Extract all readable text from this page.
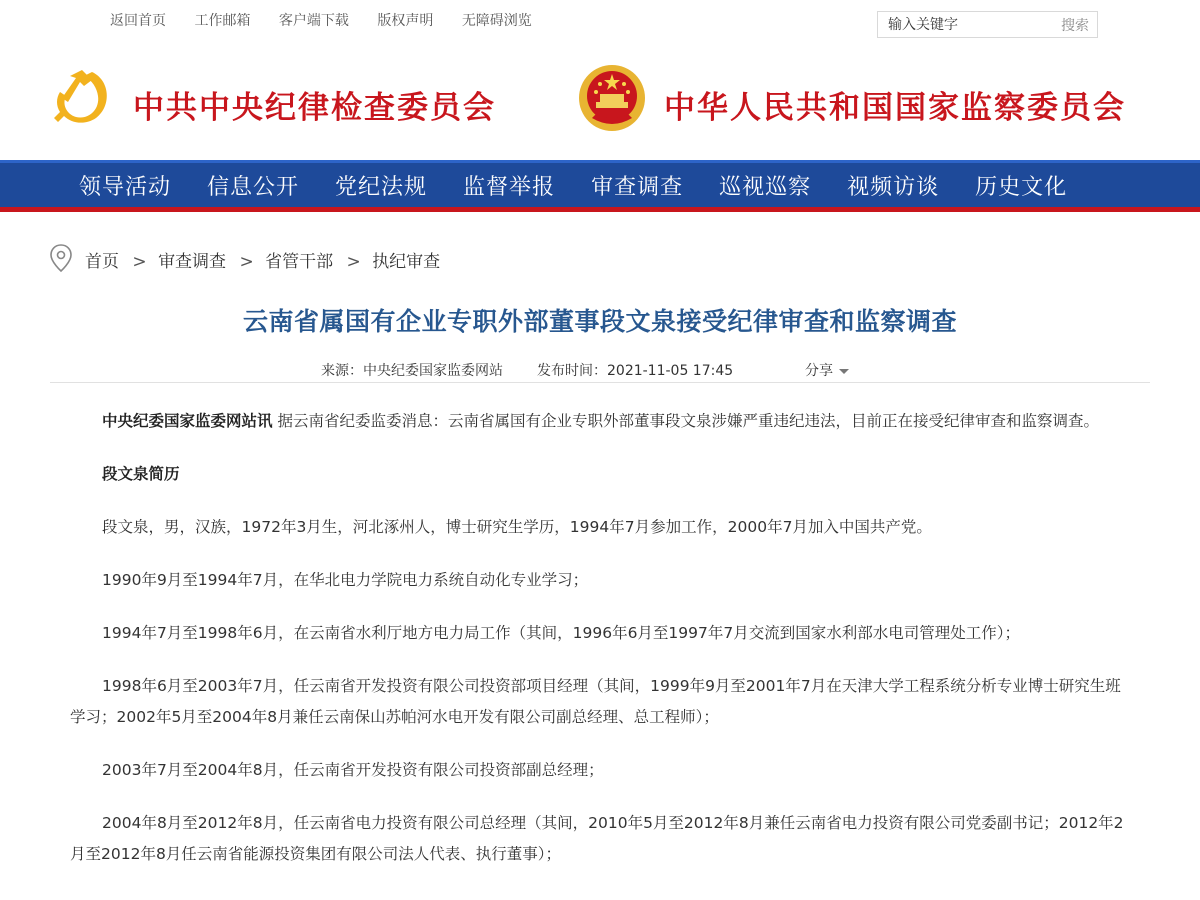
返回首页 工作邮箱 客户端下载 版权声明 无障碍浏览
输入关键字	搜索
中共中央纪律检查委员会	中华人民共和国国家监察委员会
领导活动 信息公开 党纪法规 监督举报 审查调查 巡视巡察 视频访谈 历史文化
首页 > 审查调查 > 省管干部 > 执纪审查
云南省属国有企业专职外部董事段文泉接受纪律审查和监察调查
来源：中央纪委国家监委网站 发布时间：2021-11-05 17:45	分享

中央纪委国家监委网站讯 据云南省纪委监委消息：云南省属国有企业专职外部董事段文泉涉嫌严重违纪违法，目前正在接受纪律审查和监察调查。

段文泉简历

段文泉，男，汉族，1972年3月生，河北涿州人，博士研究生学历，1994年7月参加工作，2000年7月加入中国共产党。

1990年9月至1994年7月，在华北电力学院电力系统自动化专业学习；

1994年7月至1998年6月，在云南省水利厅地方电力局工作（其间，1996年6月至1997年7月交流到国家水利部水电司管理处工作）；

1998年6月至2003年7月，任云南省开发投资有限公司投资部项目经理（其间，1999年9月至2001年7月在天津大学工程系统分析专业博士研究生班学习；2002年5月至2004年8月兼任云南保山苏帕河水电开发有限公司副总经理、总工程师）；

2003年7月至2004年8月，任云南省开发投资有限公司投资部副总经理；

2004年8月至2012年8月，任云南省电力投资有限公司总经理（其间，2010年5月至2012年8月兼任云南省电力投资有限公司党委副书记；2012年2月至2012年8月任云南省能源投资集团有限公司法人代表、执行董事）；
